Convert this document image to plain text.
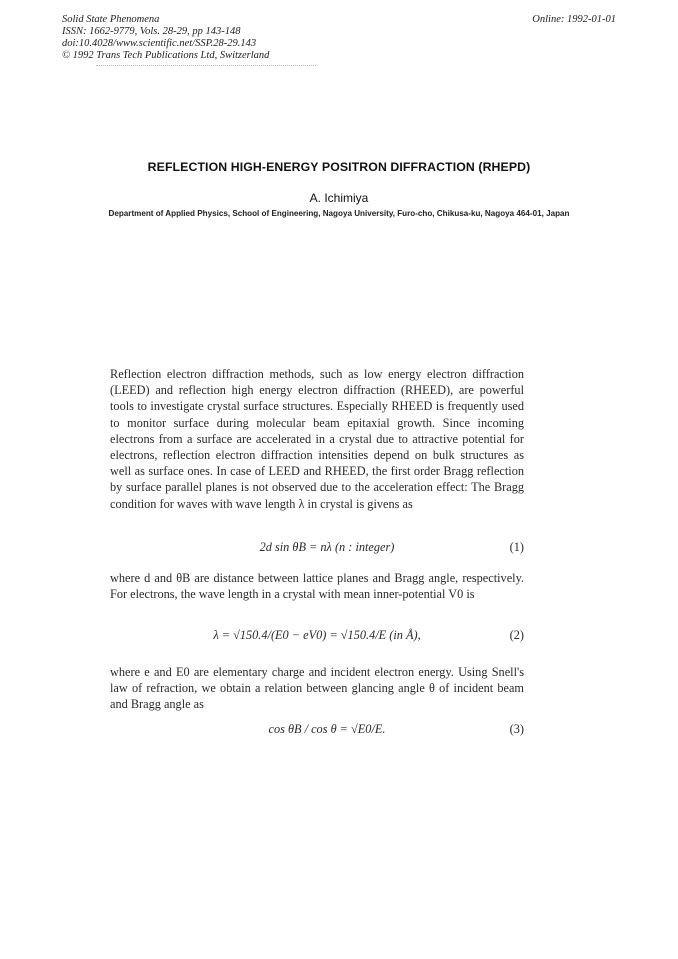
Solid State Phenomena
ISSN: 1662-9779, Vols. 28-29, pp 143-148
doi:10.4028/www.scientific.net/SSP.28-29.143
© 1992 Trans Tech Publications Ltd, Switzerland
Online: 1992-01-01
REFLECTION HIGH-ENERGY POSITRON DIFFRACTION (RHEPD)
A. Ichimiya
Department of Applied Physics, School of Engineering, Nagoya University, Furo-cho, Chikusa-ku, Nagoya 464-01, Japan
Reflection electron diffraction methods, such as low energy electron diffraction (LEED) and reflection high energy electron diffraction (RHEED), are powerful tools to investigate crystal surface structures. Especially RHEED is frequently used to monitor surface during molecular beam epitaxial growth. Since incoming electrons from a surface are accelerated in a crystal due to attractive potential for electrons, reflection electron diffraction intensities depend on bulk structures as well as surface ones. In case of LEED and RHEED, the first order Bragg reflection by surface parallel planes is not observed due to the acceleration effect: The Bragg condition for waves with wave length λ in crystal is givens as
2d sin θB = nλ (n : integer)	(1)
where d and θB are distance between lattice planes and Bragg angle, respectively. For electrons, the wave length in a crystal with mean inner-potential V0 is
λ = √150.4/(E0 − eV0) = √150.4/E (in Å),	(2)
where e and E0 are elementary charge and incident electron energy. Using Snell's law of refraction, we obtain a relation between glancing angle θ of incident beam and Bragg angle as
cos θB / cos θ = √E0/E.	(3)
